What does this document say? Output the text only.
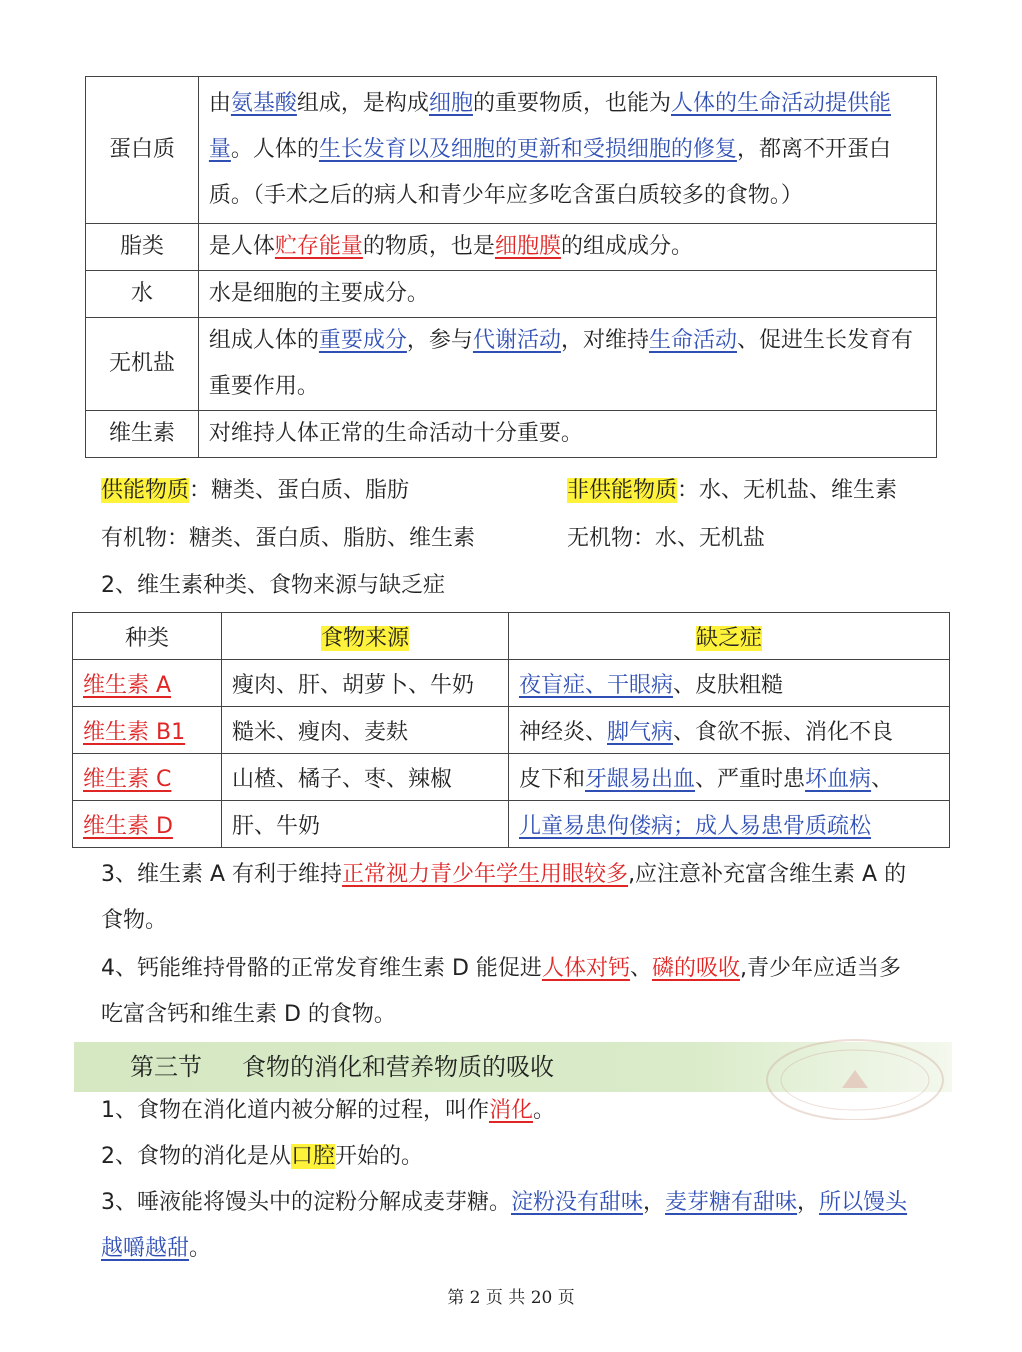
蛋白质	由氨基酸组成，是构成细胞的重要物质，也能为人体的生命活动提供能量。人体的生长发育以及细胞的更新和受损细胞的修复，都离不开蛋白质。（手术之后的病人和青少年应多吃含蛋白质较多的食物。）
脂类	是人体贮存能量的物质，也是细胞膜的组成成分。
水	水是细胞的主要成分。
无机盐	组成人体的重要成分，参与代谢活动，对维持生命活动、促进生长发育有重要作用。
维生素	对维持人体正常的生命活动十分重要。
供能物质：糖类、蛋白质、脂肪	非供能物质：水、无机盐、维生素
有机物：糖类、蛋白质、脂肪、维生素	无机物：水、无机盐
2、维生素种类、食物来源与缺乏症
种类	食物来源	缺乏症
维生素 A	瘦肉、肝、胡萝卜、牛奶	夜盲症、干眼病、皮肤粗糙
维生素 B1	糙米、瘦肉、麦麸	神经炎、脚气病、食欲不振、消化不良
维生素 C	山楂、橘子、枣、辣椒	皮下和牙龈易出血、严重时患坏血病、
维生素 D	肝、牛奶	儿童易患佝偻病；成人易患骨质疏松
3、维生素 A 有利于维持正常视力青少年学生用眼较多,应注意补充富含维生素 A 的
食物。
4、钙能维持骨骼的正常发育维生素 D 能促进人体对钙、磷的吸收,青少年应适当多
吃富含钙和维生素 D 的食物。
第三节 食物的消化和营养物质的吸收
1、食物在消化道内被分解的过程，叫作消化。
2、食物的消化是从口腔开始的。
3、唾液能将馒头中的淀粉分解成麦芽糖。淀粉没有甜味，麦芽糖有甜味，所以馒头
越嚼越甜。
第 2 页 共 20 页
